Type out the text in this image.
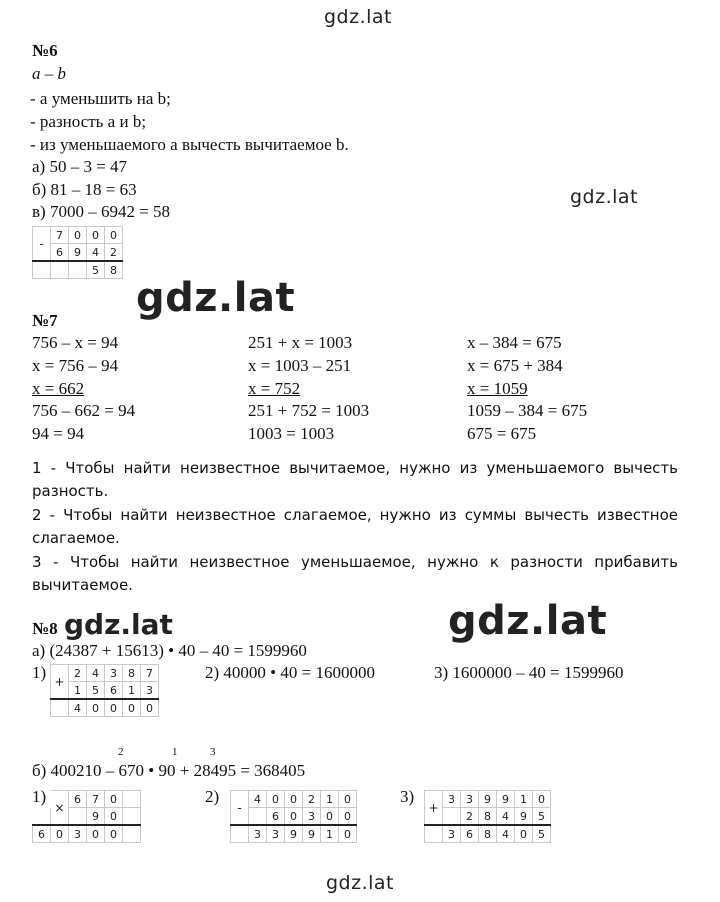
gdz.lat
gdz.lat
gdz.lat
gdz.lat	gdz.lat
gdz.lat
№6
a – b
- a уменьшить на b;
- разность a и b;
- из уменьшаемого a вычесть вычитаемое b.
а) 50 – 3 = 47
б) 81 – 18 = 63
в) 7000 – 6942 = 58
-	7	0	0	0
	6	9	4	2
			5	8
№7
756 – x = 94
x = 756 – 94
x = 662
756 – 662 = 94
94 = 94
251 + x = 1003
x = 1003 – 251
x = 752
251 + 752 = 1003
1003 = 1003
x – 384 = 675
x = 675 + 384
x = 1059
1059 – 384 = 675
675 = 675
1 - Чтобы найти неизвестное вычитаемое, нужно из уменьшаемого вычесть разность.
2 - Чтобы найти неизвестное слагаемое, нужно из суммы вычесть известное слагаемое.
3 - Чтобы найти неизвестное уменьшаемое, нужно к разности прибавить вычитаемое.
№8
а) (24387 + 15613) • 40 – 40 = 1599960
1)	2) 40000 • 40 = 1600000	3) 1600000 – 40 = 1599960
+	2	4	3	8	7
	1	5	6	1	3
	4	0	0	0	0
2	1	3
б) 400210 – 670 • 90 + 28495 = 368405
1)	2)	3)
	×	6	7	0	
			9	0	
6	0	3	0	0	
-	4	0	0	2	1	0
		6	0	3	0	0
	3	3	9	9	1	0
+	3	3	9	9	1	0
		2	8	4	9	5
	3	6	8	4	0	5
